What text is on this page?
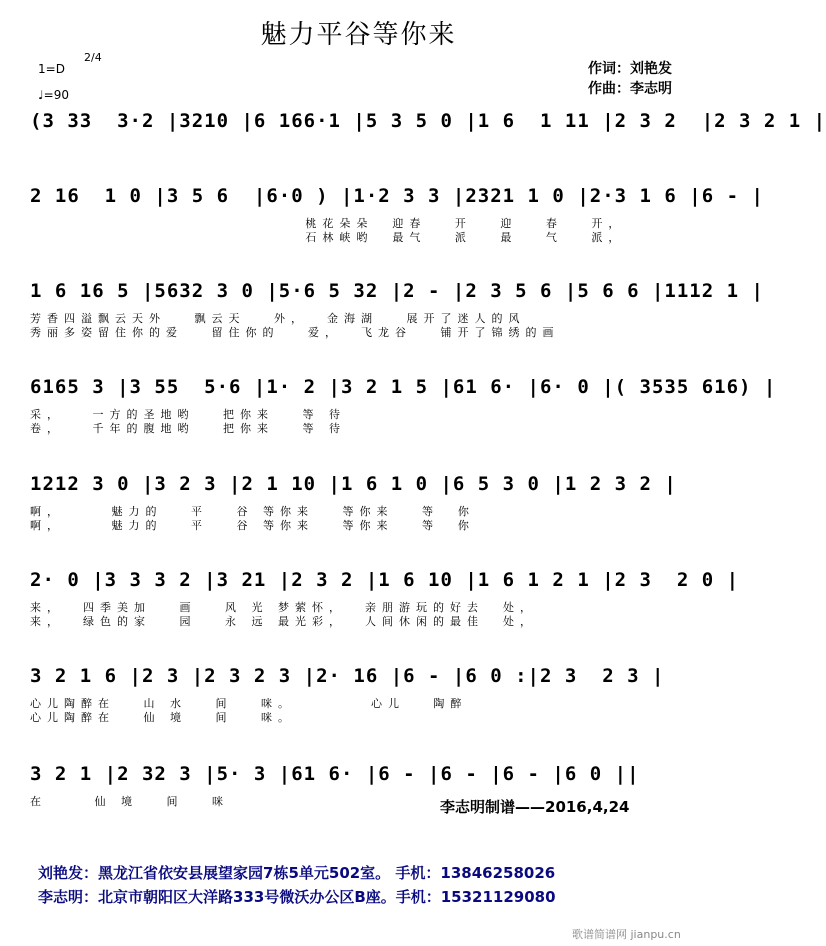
魅力平谷等你来
1=D
2/4
♩=90
作词：刘艳发
作曲：李志明
(3 33  3·2 |3210 |6 166·1 |5 3 5 0 |1 6  1 11 |2 3 2  |2 3 2 1 |
2 16  1 0 |3 5 6  |6·0 ) |1·2 3 3 |2321 1 0 |2·3 1 6 |6 - |
桃花朵朵  迎春   开   迎   春   开，
石林峡哟  最气   派   最   气   派，
1 6 16 5 |5632 3 0 |5·6 5 32 |2 - |2 3 5 6 |5 6 6 |1112 1 |
芳香四溢飘云天外   飘云天   外，  金海湖   展开了迷人的风
秀丽多姿留住你的爱   留住你的   爱，  飞龙谷   铺开了锦绣的画
6165 3 |3 55  5·6 |1· 2 |3 2 1 5 |61 6· |6· 0 |( 3535 616) |
采，   一方的圣地哟   把你来   等 待
卷，   千年的腹地哟   把你来   等 待
1212 3 0 |3 2 3 |2 1 10 |1 6 1 0 |6 5 3 0 |1 2 3 2 |
啊，     魅力的   平   谷 等你来   等你来   等  你
啊，     魅力的   平   谷 等你来   等你来   等  你
2· 0 |3 3 3 2 |3 21 |2 3 2 |1 6 10 |1 6 1 2 1 |2 3  2 0 |
来，  四季美加   画   风 光 梦萦怀，  亲朋游玩的好去  处，
来，  绿色的家   园   永 远 最光彩，  人间休闲的最佳  处，
3 2 1 6 |2 3 |2 3 2 3 |2· 16 |6 - |6 0 :|2 3  2 3 |
心儿陶醉在   山 水   间   咪。        心儿   陶醉
心儿陶醉在   仙 境   间   咪。
3 2 1 |2 32 3 |5· 3 |61 6· |6 - |6 - |6 - |6 0 ||
在     仙 境   间   咪	李志明制谱——2016,4,24
刘艳发：黑龙江省依安县展望家园7栋5单元502室。 手机：13846258026
李志明：北京市朝阳区大洋路333号微沃办公区B座。手机：15321129080
歌谱简谱网 jianpu.cn
